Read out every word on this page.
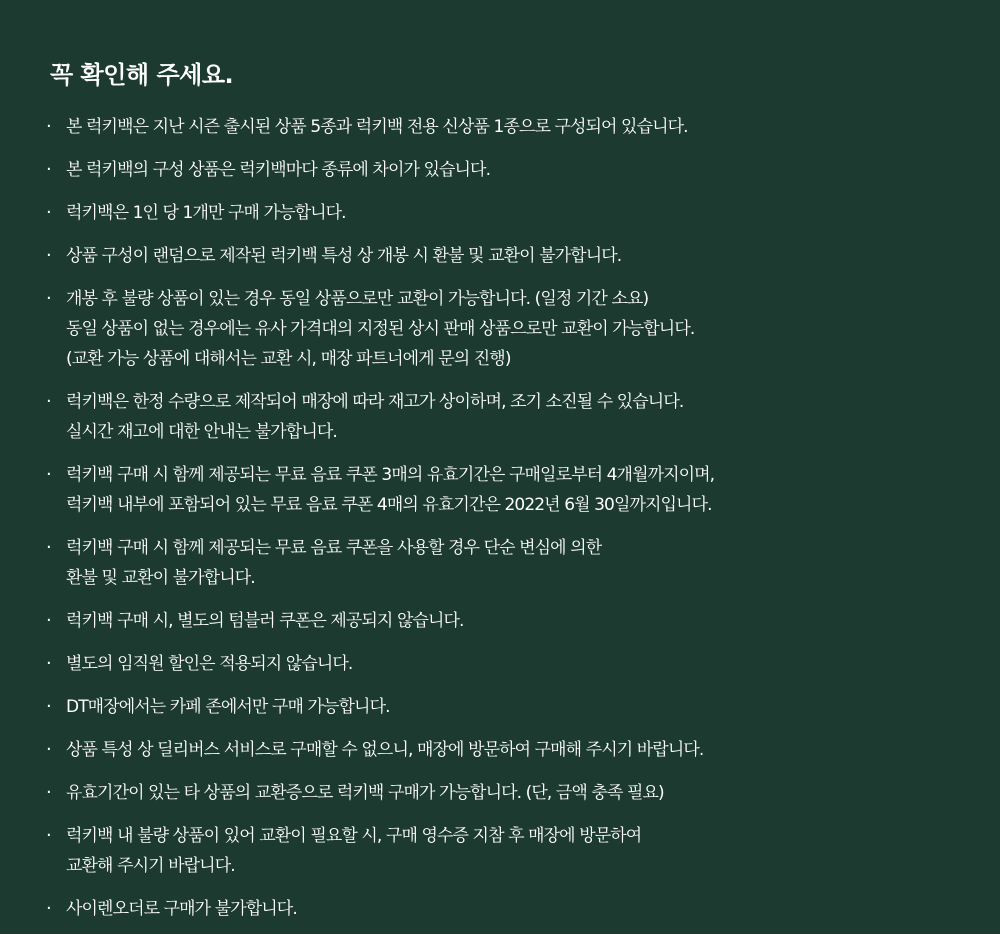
꼭 확인해 주세요.
· 본 럭키백은 지난 시즌 출시된 상품 5종과 럭키백 전용 신상품 1종으로 구성되어 있습니다.
· 본 럭키백의 구성 상품은 럭키백마다 종류에 차이가 있습니다.
· 럭키백은 1인 당 1개만 구매 가능합니다.
· 상품 구성이 랜덤으로 제작된 럭키백 특성 상 개봉 시 환불 및 교환이 불가합니다.
· 개봉 후 불량 상품이 있는 경우 동일 상품으로만 교환이 가능합니다. (일정 기간 소요)
동일 상품이 없는 경우에는 유사 가격대의 지정된 상시 판매 상품으로만 교환이 가능합니다.
(교환 가능 상품에 대해서는 교환 시, 매장 파트너에게 문의 진행)
· 럭키백은 한정 수량으로 제작되어 매장에 따라 재고가 상이하며, 조기 소진될 수 있습니다.
실시간 재고에 대한 안내는 불가합니다.
· 럭키백 구매 시 함께 제공되는 무료 음료 쿠폰 3매의 유효기간은 구매일로부터 4개월까지이며,
럭키백 내부에 포함되어 있는 무료 음료 쿠폰 4매의 유효기간은 2022년 6월 30일까지입니다.
· 럭키백 구매 시 함께 제공되는 무료 음료 쿠폰을 사용할 경우 단순 변심에 의한
환불 및 교환이 불가합니다.
· 럭키백 구매 시, 별도의 텀블러 쿠폰은 제공되지 않습니다.
· 별도의 임직원 할인은 적용되지 않습니다.
· DT매장에서는 카페 존에서만 구매 가능합니다.
· 상품 특성 상 딜리버스 서비스로 구매할 수 없으니, 매장에 방문하여 구매해 주시기 바랍니다.
· 유효기간이 있는 타 상품의 교환증으로 럭키백 구매가 가능합니다. (단, 금액 충족 필요)
· 럭키백 내 불량 상품이 있어 교환이 필요할 시, 구매 영수증 지참 후 매장에 방문하여
교환해 주시기 바랍니다.
· 사이렌오더로 구매가 불가합니다.
